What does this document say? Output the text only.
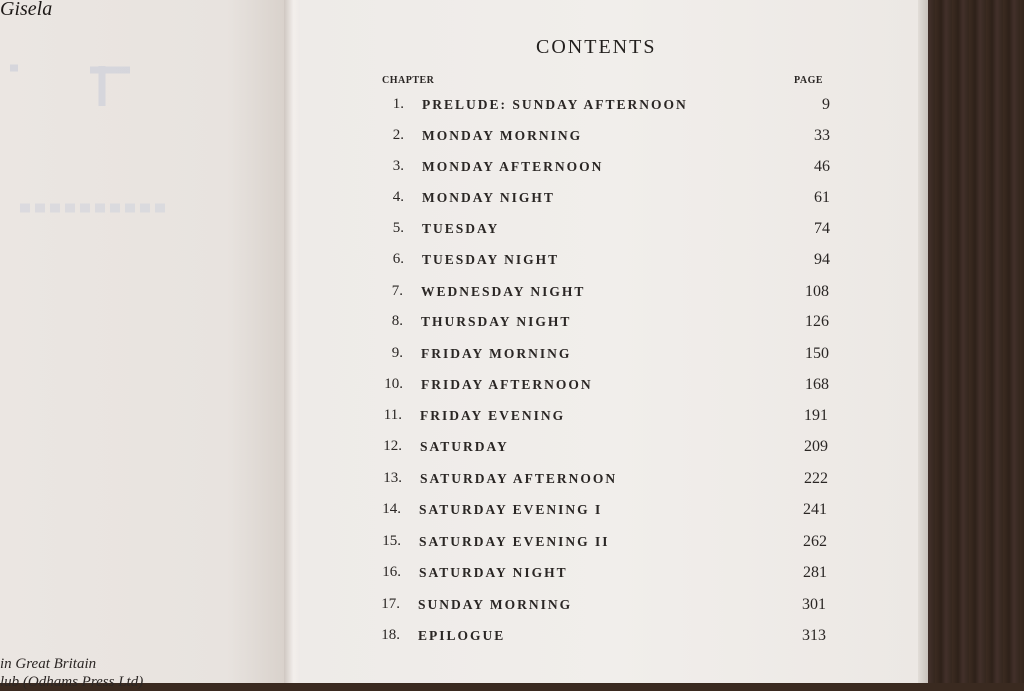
Gisela
in Great Britain
lub (Odhams Press Ltd)
CONTENTS
CHAPTER	PAGE
1. PRELUDE: SUNDAY AFTERNOON	9
2. MONDAY MORNING	33
3. MONDAY AFTERNOON	46
4. MONDAY NIGHT	61
5. TUESDAY	74
6. TUESDAY NIGHT	94
7. WEDNESDAY NIGHT	108
8. THURSDAY NIGHT	126
9. FRIDAY MORNING	150
10. FRIDAY AFTERNOON	168
11. FRIDAY EVENING	191
12. SATURDAY	209
13. SATURDAY AFTERNOON	222
14. SATURDAY EVENING I	241
15. SATURDAY EVENING II	262
16. SATURDAY NIGHT	281
17. SUNDAY MORNING	301
18. EPILOGUE	313
